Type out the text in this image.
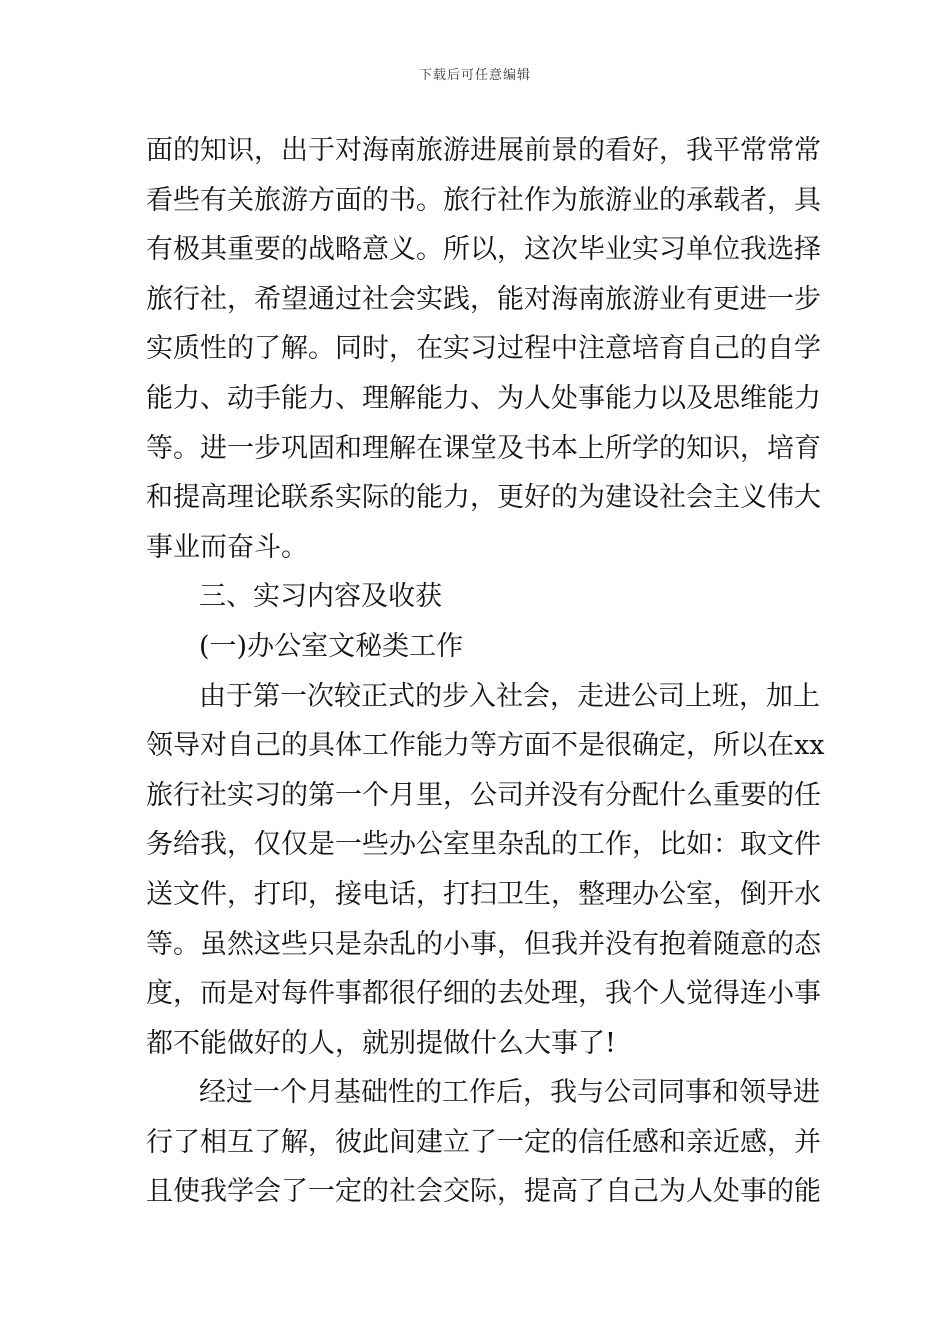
下载后可任意编辑
面的知识，出于对海南旅游进展前景的看好，我平常常常
看些有关旅游方面的书。旅行社作为旅游业的承载者，具
有极其重要的战略意义。所以，这次毕业实习单位我选择
旅行社，希望通过社会实践，能对海南旅游业有更进一步
实质性的了解。同时，在实习过程中注意培育自己的自学
能力、动手能力、理解能力、为人处事能力以及思维能力
等。进一步巩固和理解在课堂及书本上所学的知识，培育
和提高理论联系实际的能力，更好的为建设社会主义伟大
事业而奋斗。
三、实习内容及收获
(一)办公室文秘类工作
由于第一次较正式的步入社会，走进公司上班，加上
领导对自己的具体工作能力等方面不是很确定，所以在xx
旅行社实习的第一个月里，公司并没有分配什么重要的任
务给我，仅仅是一些办公室里杂乱的工作，比如：取文件
送文件，打印，接电话，打扫卫生，整理办公室，倒开水
等。虽然这些只是杂乱的小事，但我并没有抱着随意的态
度，而是对每件事都很仔细的去处理，我个人觉得连小事
都不能做好的人，就别提做什么大事了!
经过一个月基础性的工作后，我与公司同事和领导进
行了相互了解，彼此间建立了一定的信任感和亲近感，并
且使我学会了一定的社会交际，提高了自己为人处事的能
